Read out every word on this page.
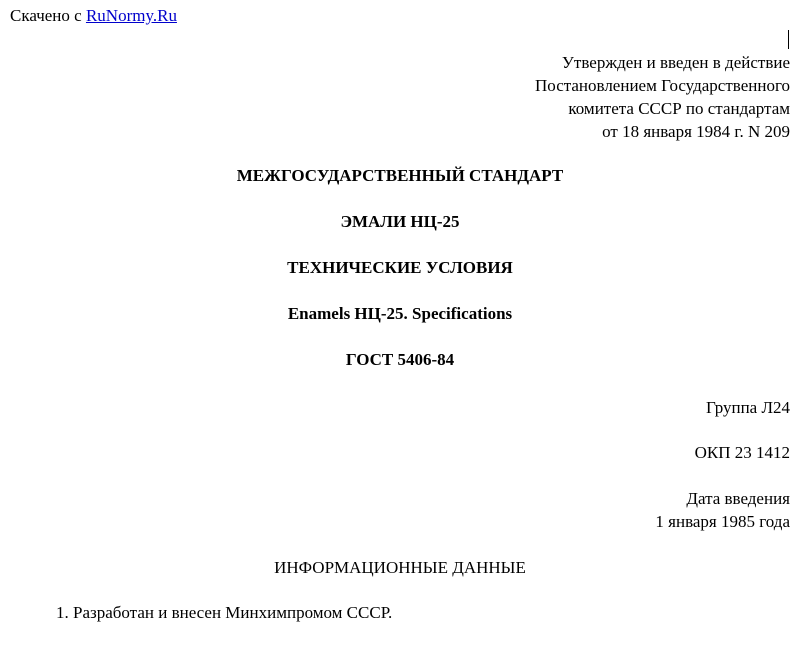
Скачено с RuNormy.Ru
Утвержден и введен в действие
Постановлением Государственного
комитета СССР по стандартам
от 18 января 1984 г. N 209
МЕЖГОСУДАРСТВЕННЫЙ СТАНДАРТ
ЭМАЛИ НЦ-25
ТЕХНИЧЕСКИЕ УСЛОВИЯ
Enamels НЦ-25. Specifications
ГОСТ 5406-84
Группа Л24
ОКП 23 1412
Дата введения
1 января 1985 года
ИНФОРМАЦИОННЫЕ ДАННЫЕ
1. Разработан и внесен Минхимпромом СССР.
